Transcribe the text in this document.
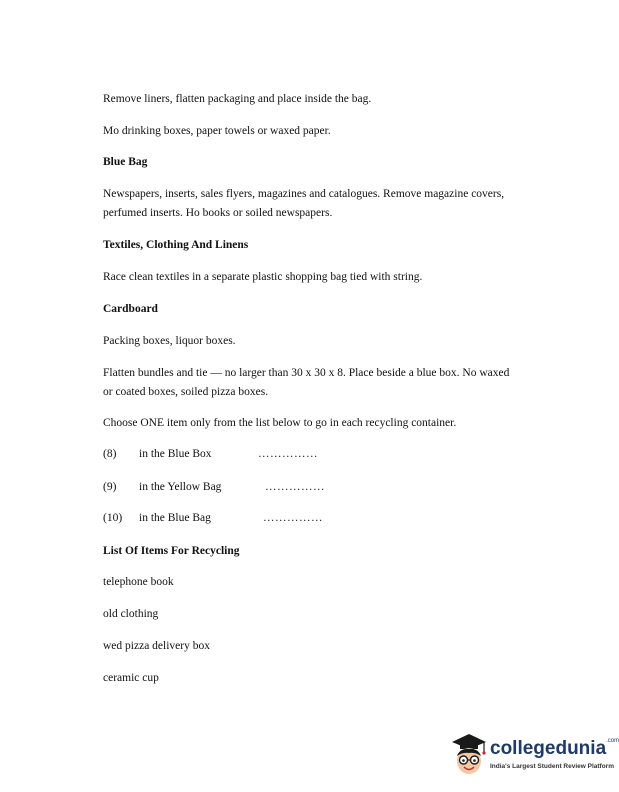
Remove liners, flatten packaging and place inside the bag.
Mo drinking boxes, paper towels or waxed paper.
Blue Bag
Newspapers, inserts, sales flyers, magazines and catalogues. Remove magazine covers, perfumed inserts. Ho books or soiled newspapers.
Textiles, Clothing And Linens
Race clean textiles in a separate plastic shopping bag tied with string.
Cardboard
Packing boxes, liquor boxes.
Flatten bundles and tie — no larger than 30 x 30 x 8. Place beside a blue box. No waxed or coated boxes, soiled pizza boxes.
Choose ONE item only from the list below to go in each recycling container.
(8) in the Blue Box	……………
(9) in the Yellow Bag	……………
(10) in the Blue Bag	……………
List Of Items For Recycling
telephone book
old clothing
wed pizza delivery box
ceramic cup
collegedunia$^{.com}$
India's Largest Student Review Platform
